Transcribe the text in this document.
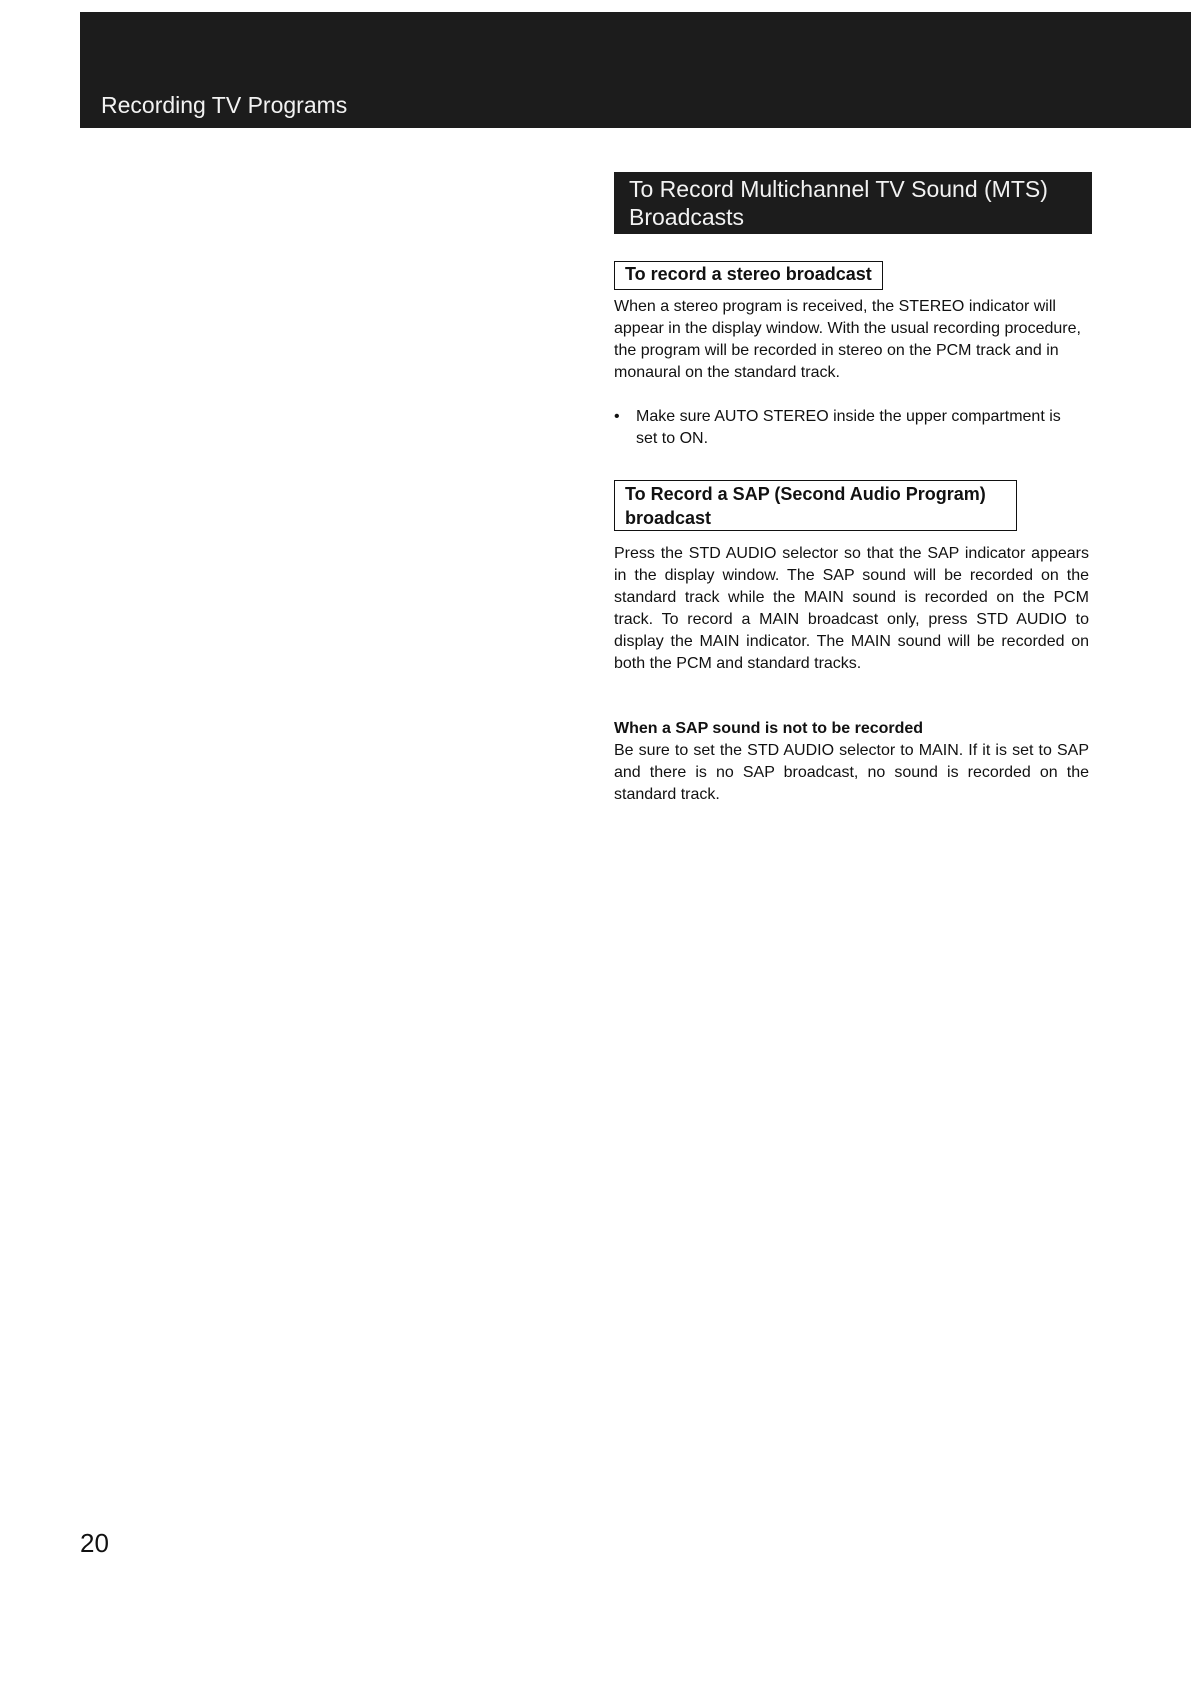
Recording TV Programs
To Record Multichannel TV Sound (MTS) Broadcasts
To record a stereo broadcast

When a stereo program is received, the STEREO indicator will appear in the display window. With the usual recording procedure, the program will be recorded in stereo on the PCM track and in monaural on the standard track.

• Make sure AUTO STEREO inside the upper compartment is set to ON.
To Record a SAP (Second Audio Program) broadcast

Press the STD AUDIO selector so that the SAP indicator appears in the display window. The SAP sound will be recorded on the standard track while the MAIN sound is recorded on the PCM track. To record a MAIN broadcast only, press STD AUDIO to display the MAIN indicator. The MAIN sound will be recorded on both the PCM and standard tracks.

When a SAP sound is not to be recorded

Be sure to set the STD AUDIO selector to MAIN. If it is set to SAP and there is no SAP broadcast, no sound is recorded on the standard track.

20
